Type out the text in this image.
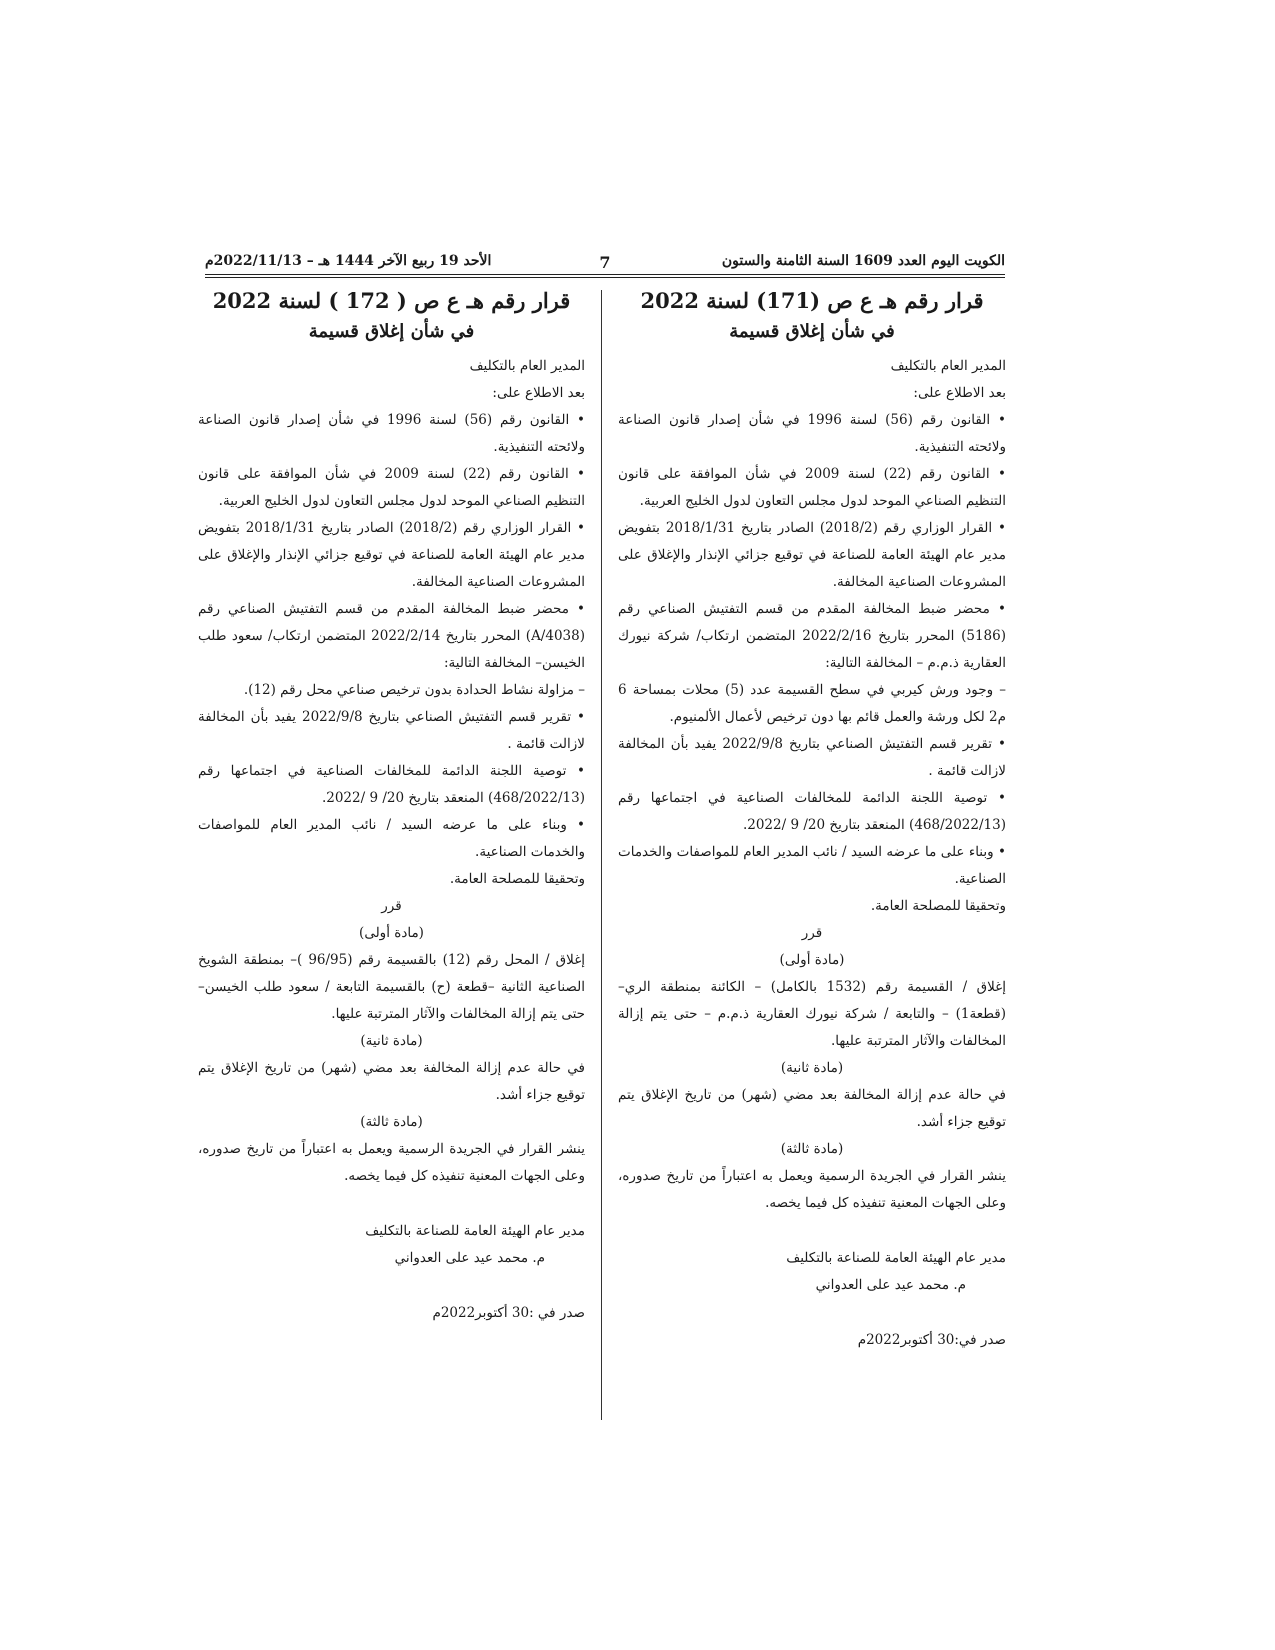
الكويت اليوم العدد 1609 السنة الثامنة والستون
7
الأحد 19 ربيع الآخر 1444 هـ – 2022/11/13م
قرار رقم هـ ع ص (171) لسنة 2022
في شأن إغلاق قسيمة

المدير العام بالتكليف

بعد الاطلاع على:

• القانون رقم (56) لسنة 1996 في شأن إصدار قانون الصناعة ولائحته التنفيذية.

• القانون رقم (22) لسنة 2009 في شأن الموافقة على قانون التنظيم الصناعي الموحد لدول مجلس التعاون لدول الخليج العربية.

• القرار الوزاري رقم (2018/2) الصادر بتاريخ 2018/1/31 بتفويض مدير عام الهيئة العامة للصناعة في توقيع جزائي الإنذار والإغلاق على المشروعات الصناعية المخالفة.

• محضر ضبط المخالفة المقدم من قسم التفتيش الصناعي رقم (5186) المحرر بتاريخ 2022/2/16 المتضمن ارتكاب/ شركة نيورك العقارية ذ.م.م – المخالفة التالية:

– وجود ورش كيربي في سطح القسيمة عدد (5) محلات بمساحة 6 م2 لكل ورشة والعمل قائم بها دون ترخيص لأعمال الألمنيوم.

• تقرير قسم التفتيش الصناعي بتاريخ 2022/9/8 يفيد بأن المخالفة لازالت قائمة .

• توصية اللجنة الدائمة للمخالفات الصناعية في اجتماعها رقم (468/2022/13) المنعقد بتاريخ 20/ 9 /2022.

• وبناء على ما عرضه السيد / نائب المدير العام للمواصفات والخدمات الصناعية.

وتحقيقا للمصلحة العامة.

قرر

(مادة أولى)

إغلاق / القسيمة رقم (1532 بالكامل) – الكائنة بمنطقة الري– (قطعة1) – والتابعة / شركة نيورك العقارية ذ.م.م – حتى يتم إزالة المخالفات والآثار المترتبة عليها.

(مادة ثانية)

في حالة عدم إزالة المخالفة بعد مضي (شهر) من تاريخ الإغلاق يتم توقيع جزاء أشد.

(مادة ثالثة)

ينشر القرار في الجريدة الرسمية ويعمل به اعتباراً من تاريخ صدوره، وعلى الجهات المعنية تنفيذه كل فيما يخصه.

مدير عام الهيئة العامة للصناعة بالتكليف

م. محمد عيد على العدواني

صدر في:30 أكتوبر2022م

قرار رقم هـ ع ص ( 172 ) لسنة 2022
في شأن إغلاق قسيمة

المدير العام بالتكليف

بعد الاطلاع على:

• القانون رقم (56) لسنة 1996 في شأن إصدار قانون الصناعة ولائحته التنفيذية.

• القانون رقم (22) لسنة 2009 في شأن الموافقة على قانون التنظيم الصناعي الموحد لدول مجلس التعاون لدول الخليج العربية.

• القرار الوزاري رقم (2018/2) الصادر بتاريخ 2018/1/31 بتفويض مدير عام الهيئة العامة للصناعة في توقيع جزائي الإنذار والإغلاق على المشروعات الصناعية المخالفة.

• محضر ضبط المخالفة المقدم من قسم التفتيش الصناعي رقم (A/4038) المحرر بتاريخ 2022/2/14 المتضمن ارتكاب/ سعود طلب الخيسن– المخالفة التالية:

– مزاولة نشاط الحدادة بدون ترخيص صناعي محل رقم (12).

• تقرير قسم التفتيش الصناعي بتاريخ 2022/9/8 يفيد بأن المخالفة لازالت قائمة .

• توصية اللجنة الدائمة للمخالفات الصناعية في اجتماعها رقم (468/2022/13) المنعقد بتاريخ 20/ 9 /2022.

• وبناء على ما عرضه السيد / نائب المدير العام للمواصفات والخدمات الصناعية.

وتحقيقا للمصلحة العامة.

قرر

(مادة أولى)

إغلاق / المحل رقم (12) بالقسيمة رقم (96/95 )– بمنطقة الشويخ الصناعية الثانية –قطعة (ح) بالقسيمة التابعة / سعود طلب الخيسن– حتى يتم إزالة المخالفات والآثار المترتبة عليها.

(مادة ثانية)

في حالة عدم إزالة المخالفة بعد مضي (شهر) من تاريخ الإغلاق يتم توقيع جزاء أشد.

(مادة ثالثة)

ينشر القرار في الجريدة الرسمية ويعمل به اعتباراً من تاريخ صدوره، وعلى الجهات المعنية تنفيذه كل فيما يخصه.

مدير عام الهيئة العامة للصناعة بالتكليف

م. محمد عيد على العدواني

صدر في :30 أكتوبر2022م
